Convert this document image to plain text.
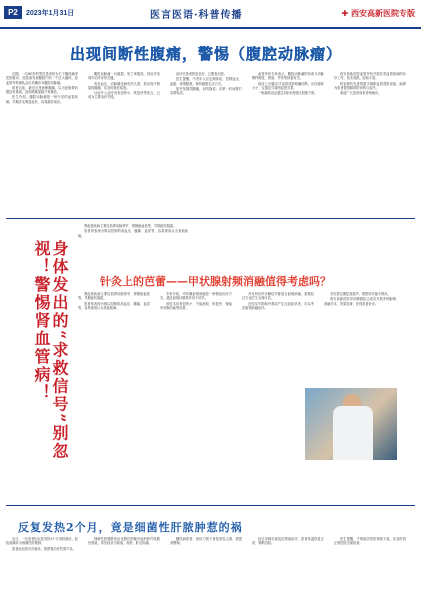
P2	2023年1月31日	医言医语·科普传播	✚ 西安高新医院专版
出现间断性腹痛，警惕（腹腔动脉瘤）

近期，一位60岁的男性患者因为右下腹疼痛来医院就诊，经检查发现腹腔内有一个巨大瘤体，经血管外科团队会诊后确诊为腹腔动脉瘤。

患者自述，最近总是间断腹痛，以为是肠胃问题没有重视，直到疼痛加剧才来就医。

医生介绍，腹腔动脉瘤是一种少见的血管疾病，早期多无明显症状，容易漏诊误诊。

腹腔动脉瘤一旦破裂，死亡率极高。因此早发现早治疗非常关键。

有高血压、动脉硬化病史的人群，如出现不明原因腹痛，应及时就医检查。

目前介入治疗具有创伤小、恢复快等优点，已成为主要治疗手段。

治疗后患者恢复良好，已康复出院。

医生提醒，中老年人应定期体检，控制血压、血脂，戒烟限酒，保持健康生活方式。

如突发剧烈腹痛，切勿拖延，应第一时间拨打急救电话。

血管外科专家表示，腹腔动脉瘤的形成与动脉粥样硬化、感染、外伤等因素有关。

临床上可通过CT血管造影明确诊断，评估瘤体大小、位置及与周围血管关系。

一般瘤体直径超过2厘米者建议积极干预。

西安高新医院血管外科开展各类血管疾病的诊疗工作，技术成熟，经验丰富。

科室拥有先进的数字减影血管造影设备，能够为患者提供精准的诊断与治疗。

欢迎广大患者前来咨询就诊。

身体发出的“求救信号”别忽视！警惕肾血管病！

肾血管疾病主要包括肾动脉狭窄、肾静脉血栓等，早期症状隐匿。

患者常表现为难以控制的高血压、腰痛、血尿等，容易被误认为其他疾病。

针灸上的芭蕾——甲状腺射频消融值得考虑吗？

肾血管疾病主要包括肾动脉狭窄、肾静脉血栓等，早期症状隐匿。

患者常表现为难以控制的高血压、腰痛、血尿等，容易被误认为其他疾病。

专家介绍，甲状腺射频消融是一种微创治疗方式，通过射频针精准作用于结节。

该技术具有创伤小、不留疤痕、恢复快、保留甲状腺功能等优势。

并非所有甲状腺结节都适合射频消融，需要经过专业医生全面评估。

良性结节影响外观或产生压迫症状者，可以考虑射频消融治疗。

术后需定期复查超声，观察结节缩小情况。

西安高新医院甲状腺团队已成功开展多例射频消融手术，效果显著，获得患者好评。

反复发热2个月，竟是细菌性肝脓肿惹的祸

近日，一位患者因反复发热2个月来院就诊，经检查确诊为细菌性肝脓肿。

患者此前曾多次就诊，按感冒治疗效果不佳。

细菌性肝脓肿是由化脓性细菌引起的肝内化脓性感染，常见症状为寒战、高热、肝区疼痛。

糖尿病患者、免疫力低下者是高发人群，需提高警惕。

经过穿刺引流及抗感染治疗，患者体温恢复正常，顺利出院。

医生提醒，不明原因发热持续不退，应及时到正规医院全面检查。
